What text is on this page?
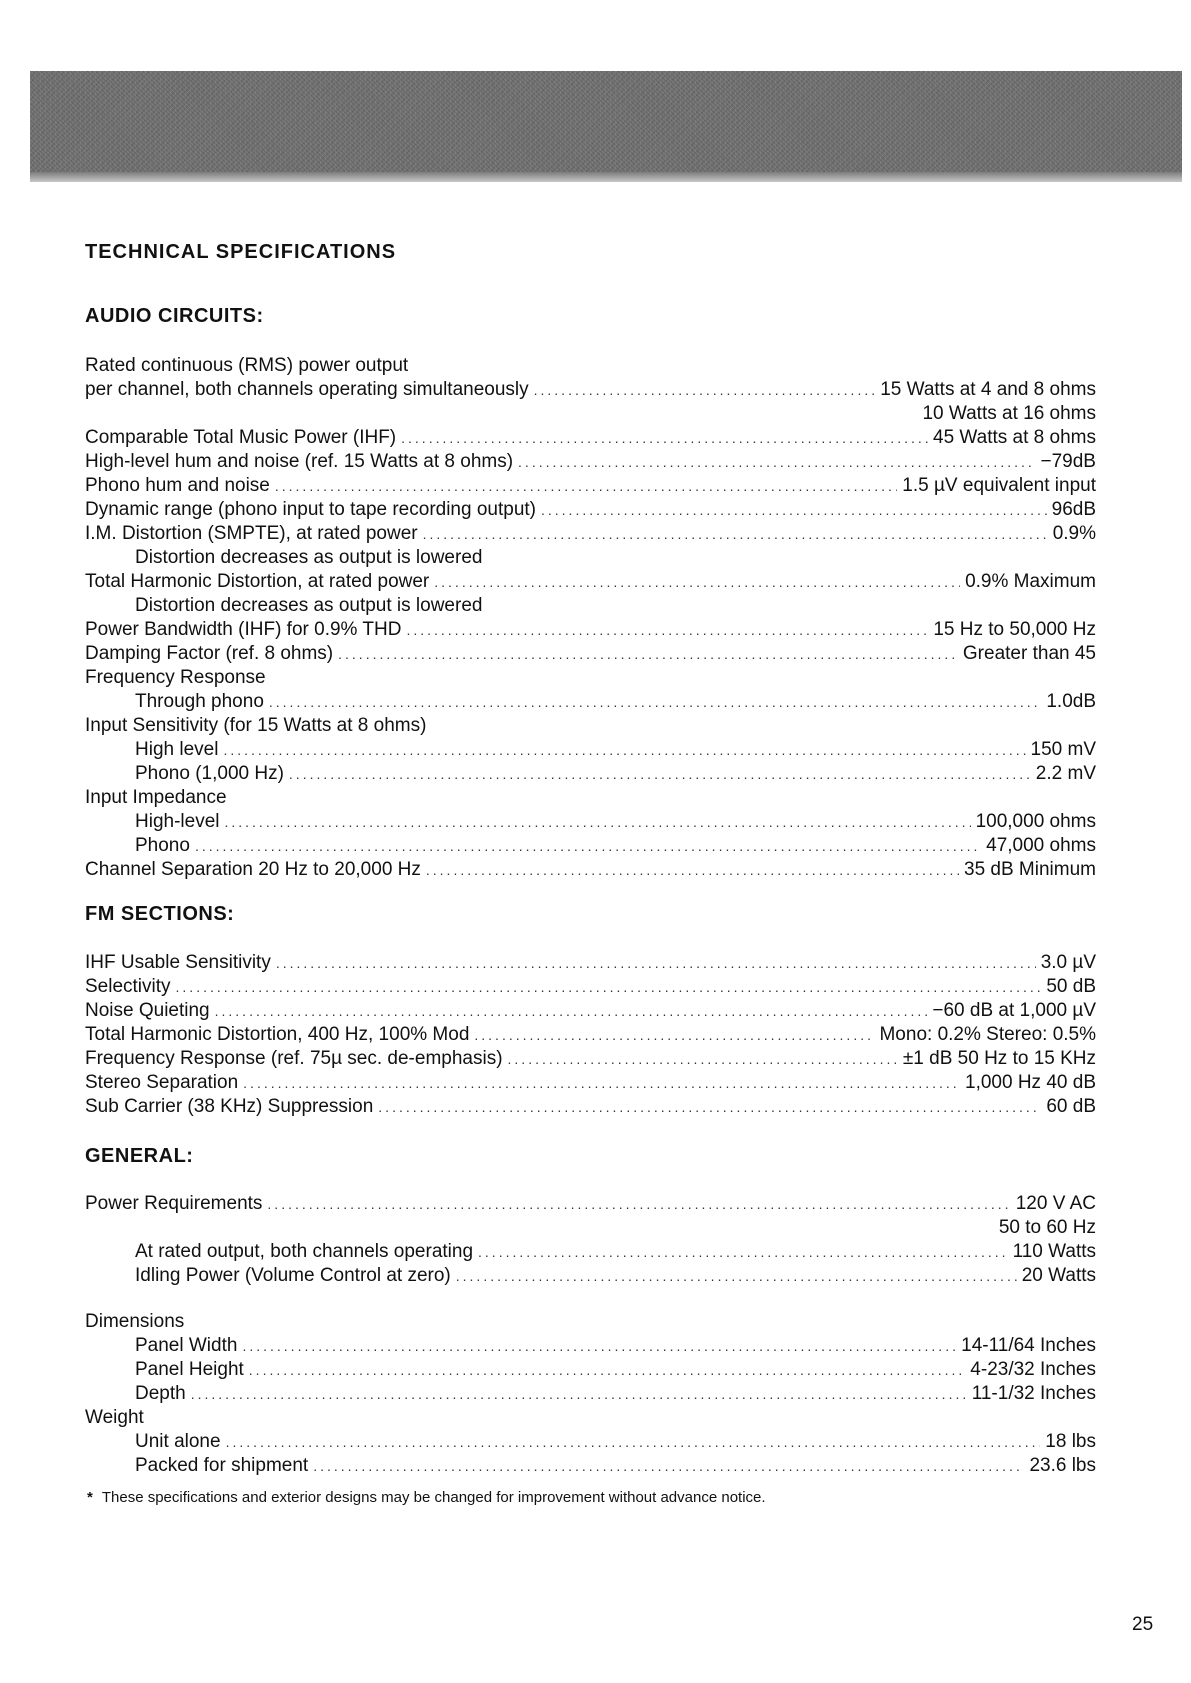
TECHNICAL SPECIFICATIONS
AUDIO CIRCUITS:
Rated continuous (RMS) power output
per channel, both channels operating simultaneously .....	15 Watts at 4 and 8 ohms
10 Watts at 16 ohms
Comparable Total Music Power (IHF) .....	45 Watts at 8 ohms
High-level hum and noise (ref. 15 Watts at 8 ohms) .....	−79dB
Phono hum and noise .....	1.5 µV equivalent input
Dynamic range (phono input to tape recording output) .....	96dB
I.M. Distortion (SMPTE), at rated power .....	0.9%
Distortion decreases as output is lowered
Total Harmonic Distortion, at rated power .....	0.9% Maximum
Distortion decreases as output is lowered
Power Bandwidth (IHF) for 0.9% THD .....	15 Hz to 50,000 Hz
Damping Factor (ref. 8 ohms) .....	Greater than 45
Frequency Response
Through phono .....	1.0dB
Input Sensitivity (for 15 Watts at 8 ohms)
High level .....	150 mV
Phono (1,000 Hz) .....	2.2 mV
Input Impedance
High-level .....	100,000 ohms
Phono .....	47,000 ohms
Channel Separation 20 Hz to 20,000 Hz .....	35 dB Minimum
FM SECTIONS:
IHF Usable Sensitivity .....	3.0 µV
Selectivity .....	50 dB
Noise Quieting .....	−60 dB at 1,000 µV
Total Harmonic Distortion, 400 Hz, 100% Mod .....	Mono: 0.2% Stereo: 0.5%
Frequency Response (ref. 75µ sec. de-emphasis) .....	±1 dB 50 Hz to 15 KHz
Stereo Separation .....	1,000 Hz 40 dB
Sub Carrier (38 KHz) Suppression .....	60 dB
GENERAL:
Power Requirements .....	120 V AC
50 to 60 Hz
At rated output, both channels operating .....	110 Watts
Idling Power (Volume Control at zero) .....	20 Watts
Dimensions
Panel Width .....	14-11/64 Inches
Panel Height .....	4-23/32 Inches
Depth .....	11-1/32 Inches
Weight
Unit alone .....	18 lbs
Packed for shipment .....	23.6 lbs
* These specifications and exterior designs may be changed for improvement without advance notice.
25
